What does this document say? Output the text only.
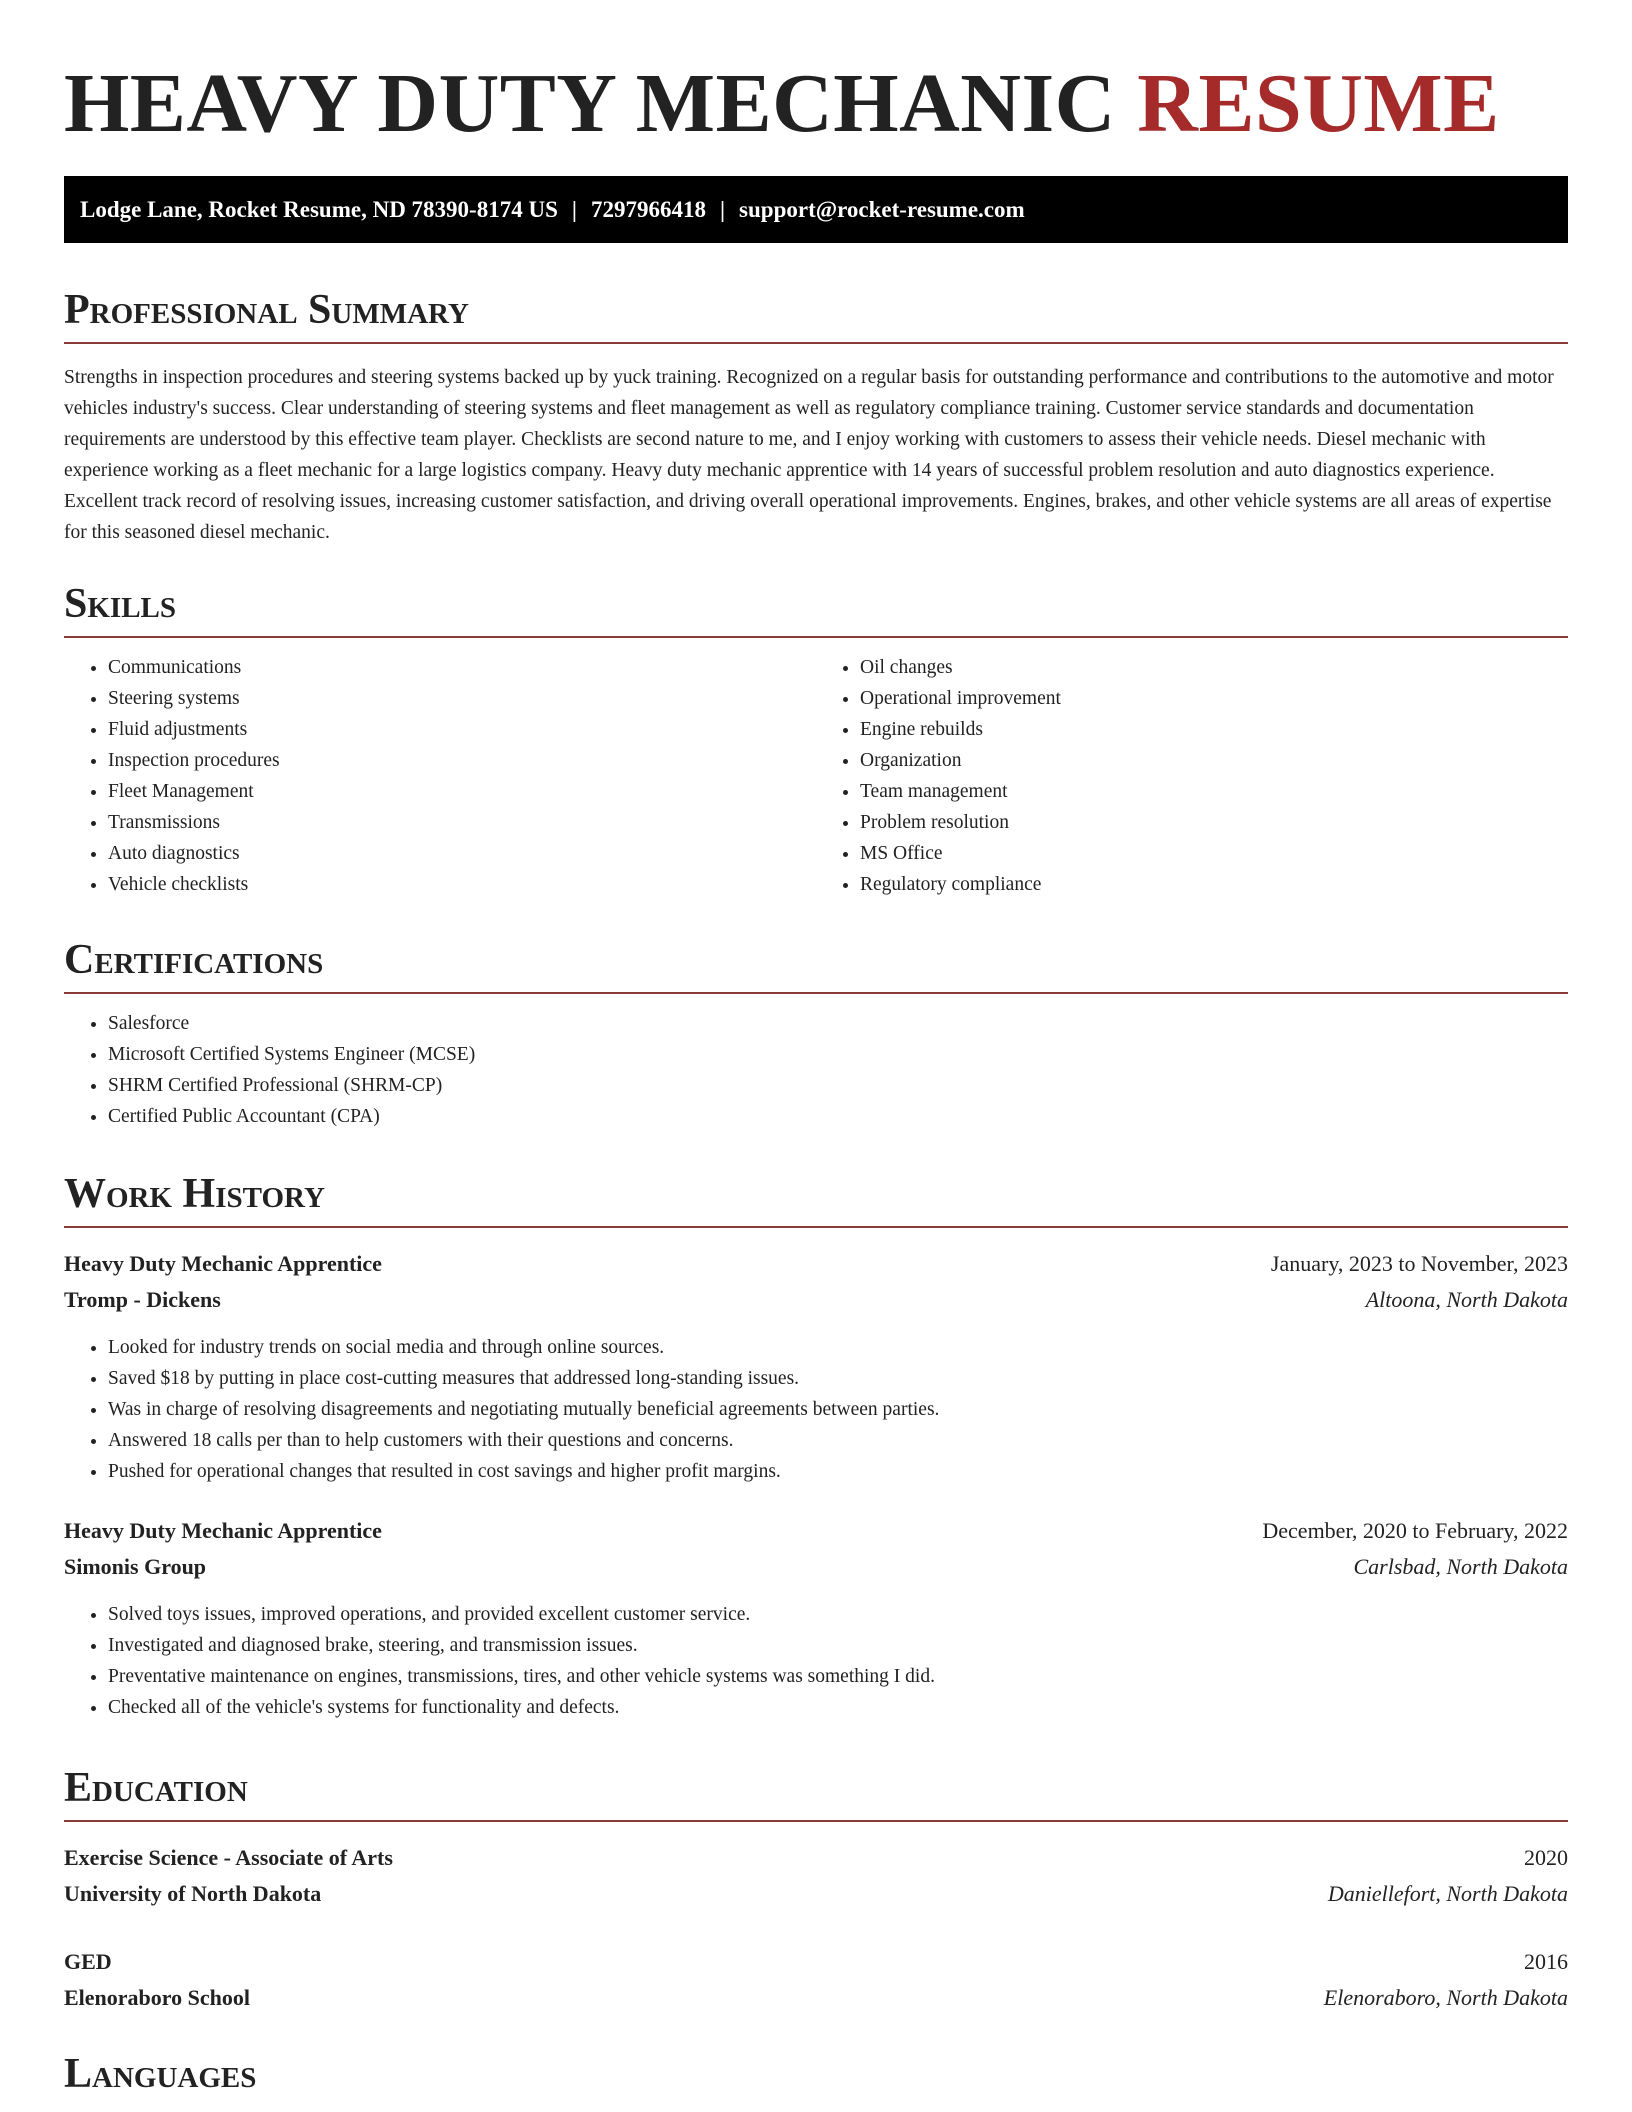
HEAVY DUTY MECHANIC RESUME
Lodge Lane, Rocket Resume, ND 78390-8174 US | 7297966418 | support@rocket-resume.com
Professional Summary

Strengths in inspection procedures and steering systems backed up by yuck training. Recognized on a regular basis for outstanding performance and contributions to the automotive and motor vehicles industry's success. Clear understanding of steering systems and fleet management as well as regulatory compliance training. Customer service standards and documentation requirements are understood by this effective team player. Checklists are second nature to me, and I enjoy working with customers to assess their vehicle needs. Diesel mechanic with experience working as a fleet mechanic for a large logistics company. Heavy duty mechanic apprentice with 14 years of successful problem resolution and auto diagnostics experience. Excellent track record of resolving issues, increasing customer satisfaction, and driving overall operational improvements. Engines, brakes, and other vehicle systems are all areas of expertise for this seasoned diesel mechanic.

Skills
• Communications
• Steering systems
• Fluid adjustments
• Inspection procedures
• Fleet Management
• Transmissions
• Auto diagnostics
• Vehicle checklists
• Oil changes
• Operational improvement
• Engine rebuilds
• Organization
• Team management
• Problem resolution
• MS Office
• Regulatory compliance
Certifications
• Salesforce
• Microsoft Certified Systems Engineer (MCSE)
• SHRM Certified Professional (SHRM-CP)
• Certified Public Accountant (CPA)
Work History
Heavy Duty Mechanic Apprentice	January, 2023 to November, 2023
Tromp - Dickens	Altoona, North Dakota
• Looked for industry trends on social media and through online sources.
• Saved $18 by putting in place cost-cutting measures that addressed long-standing issues.
• Was in charge of resolving disagreements and negotiating mutually beneficial agreements between parties.
• Answered 18 calls per than to help customers with their questions and concerns.
• Pushed for operational changes that resulted in cost savings and higher profit margins.
Heavy Duty Mechanic Apprentice	December, 2020 to February, 2022
Simonis Group	Carlsbad, North Dakota
• Solved toys issues, improved operations, and provided excellent customer service.
• Investigated and diagnosed brake, steering, and transmission issues.
• Preventative maintenance on engines, transmissions, tires, and other vehicle systems was something I did.
• Checked all of the vehicle's systems for functionality and defects.
Education
Exercise Science - Associate of Arts	2020
University of North Dakota	Daniellefort, North Dakota
GED	2016
Elenoraboro School	Elenoraboro, North Dakota
Languages
